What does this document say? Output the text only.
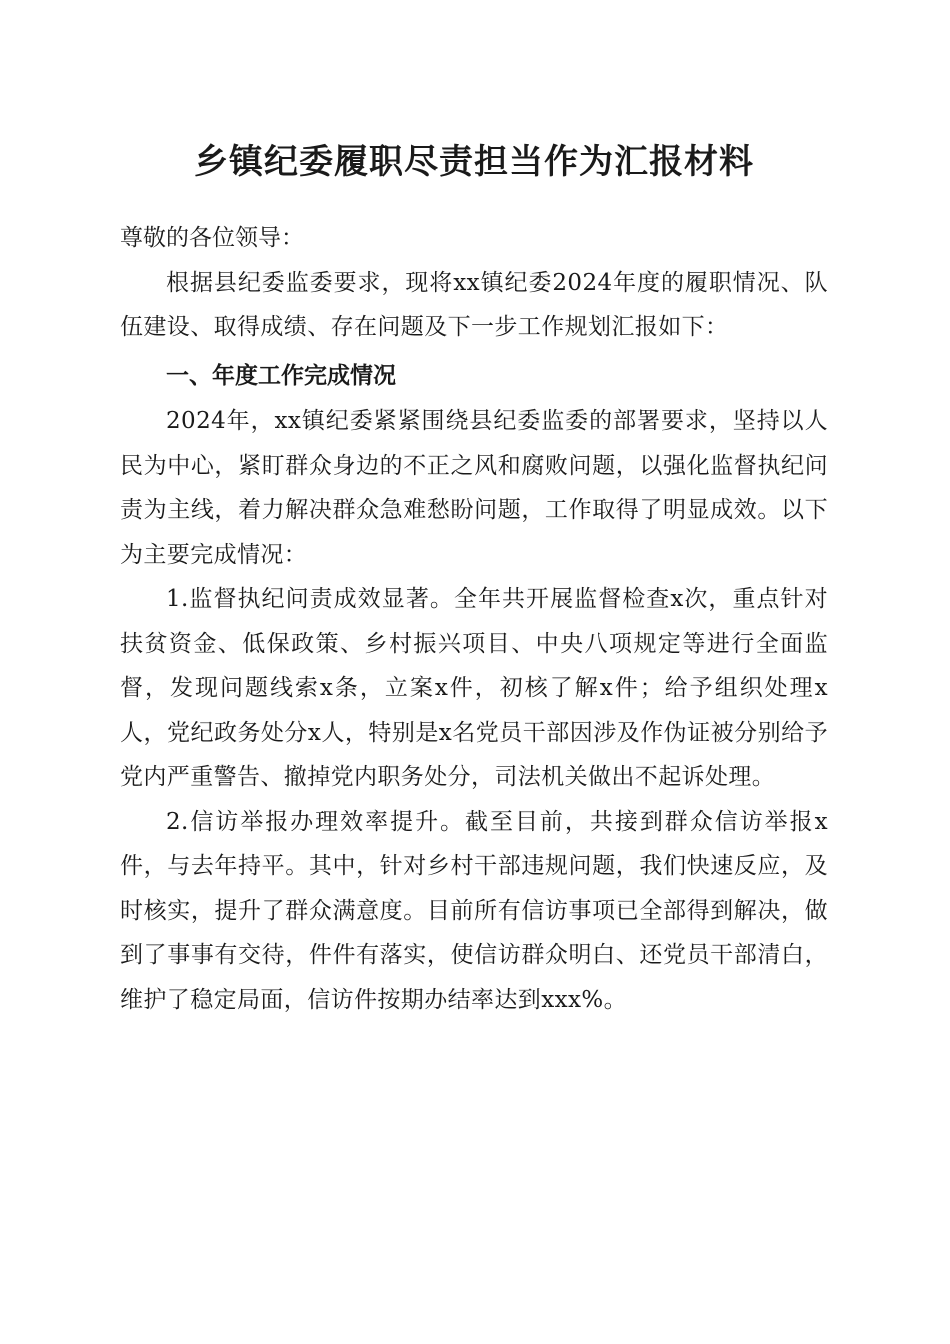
乡镇纪委履职尽责担当作为汇报材料

尊敬的各位领导：

根据县纪委监委要求，现将xx镇纪委2024年度的履职情况、队伍建设、取得成绩、存在问题及下一步工作规划汇报如下：

一、年度工作完成情况

2024年，xx镇纪委紧紧围绕县纪委监委的部署要求，坚持以人民为中心，紧盯群众身边的不正之风和腐败问题，以强化监督执纪问责为主线，着力解决群众急难愁盼问题，工作取得了明显成效。以下为主要完成情况：

1.监督执纪问责成效显著。全年共开展监督检查x次，重点针对扶贫资金、低保政策、乡村振兴项目、中央八项规定等进行全面监督，发现问题线索x条，立案x件，初核了解x件；给予组织处理x人，党纪政务处分x人，特别是x名党员干部因涉及作伪证被分别给予党内严重警告、撤掉党内职务处分，司法机关做出不起诉处理。

2.信访举报办理效率提升。截至目前，共接到群众信访举报x件，与去年持平。其中，针对乡村干部违规问题，我们快速反应，及时核实，提升了群众满意度。目前所有信访事项已全部得到解决，做到了事事有交待，件件有落实，使信访群众明白、还党员干部清白，维护了稳定局面，信访件按期办结率达到xxx%。
